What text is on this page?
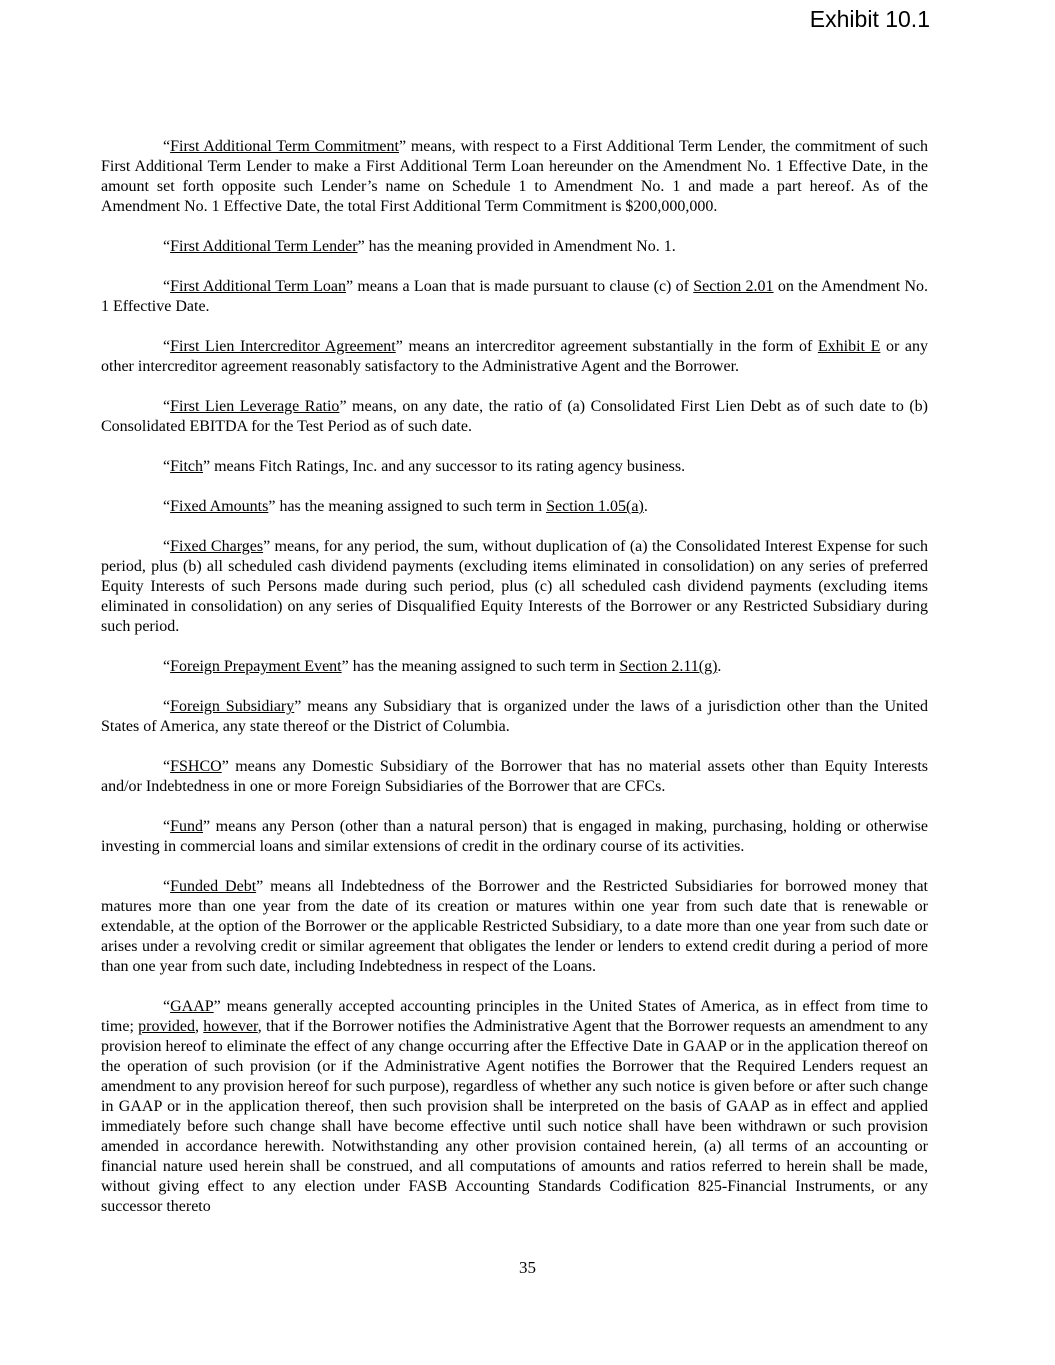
Exhibit 10.1

“First Additional Term Commitment” means, with respect to a First Additional Term Lender, the commitment of such First Additional Term Lender to make a First Additional Term Loan hereunder on the Amendment No. 1 Effective Date, in the amount set forth opposite such Lender’s name on Schedule 1 to Amendment No. 1 and made a part hereof. As of the Amendment No. 1 Effective Date, the total First Additional Term Commitment is $200,000,000.

“First Additional Term Lender” has the meaning provided in Amendment No. 1.

“First Additional Term Loan” means a Loan that is made pursuant to clause (c) of Section 2.01 on the Amendment No. 1 Effective Date.

“First Lien Intercreditor Agreement” means an intercreditor agreement substantially in the form of Exhibit E or any other intercreditor agreement reasonably satisfactory to the Administrative Agent and the Borrower.

“First Lien Leverage Ratio” means, on any date, the ratio of (a) Consolidated First Lien Debt as of such date to (b) Consolidated EBITDA for the Test Period as of such date.

“Fitch” means Fitch Ratings, Inc. and any successor to its rating agency business.

“Fixed Amounts” has the meaning assigned to such term in Section 1.05(a).

“Fixed Charges” means, for any period, the sum, without duplication of (a) the Consolidated Interest Expense for such period, plus (b) all scheduled cash dividend payments (excluding items eliminated in consolidation) on any series of preferred Equity Interests of such Persons made during such period, plus (c) all scheduled cash dividend payments (excluding items eliminated in consolidation) on any series of Disqualified Equity Interests of the Borrower or any Restricted Subsidiary during such period.

“Foreign Prepayment Event” has the meaning assigned to such term in Section 2.11(g).

“Foreign Subsidiary” means any Subsidiary that is organized under the laws of a jurisdiction other than the United States of America, any state thereof or the District of Columbia.

“FSHCO” means any Domestic Subsidiary of the Borrower that has no material assets other than Equity Interests and/or Indebtedness in one or more Foreign Subsidiaries of the Borrower that are CFCs.

“Fund” means any Person (other than a natural person) that is engaged in making, purchasing, holding or otherwise investing in commercial loans and similar extensions of credit in the ordinary course of its activities.

“Funded Debt” means all Indebtedness of the Borrower and the Restricted Subsidiaries for borrowed money that matures more than one year from the date of its creation or matures within one year from such date that is renewable or extendable, at the option of the Borrower or the applicable Restricted Subsidiary, to a date more than one year from such date or arises under a revolving credit or similar agreement that obligates the lender or lenders to extend credit during a period of more than one year from such date, including Indebtedness in respect of the Loans.

“GAAP” means generally accepted accounting principles in the United States of America, as in effect from time to time; provided, however, that if the Borrower notifies the Administrative Agent that the Borrower requests an amendment to any provision hereof to eliminate the effect of any change occurring after the Effective Date in GAAP or in the application thereof on the operation of such provision (or if the Administrative Agent notifies the Borrower that the Required Lenders request an amendment to any provision hereof for such purpose), regardless of whether any such notice is given before or after such change in GAAP or in the application thereof, then such provision shall be interpreted on the basis of GAAP as in effect and applied immediately before such change shall have become effective until such notice shall have been withdrawn or such provision amended in accordance herewith. Notwithstanding any other provision contained herein, (a) all terms of an accounting or financial nature used herein shall be construed, and all computations of amounts and ratios referred to herein shall be made, without giving effect to any election under FASB Accounting Standards Codification 825-Financial Instruments, or any successor thereto

35
